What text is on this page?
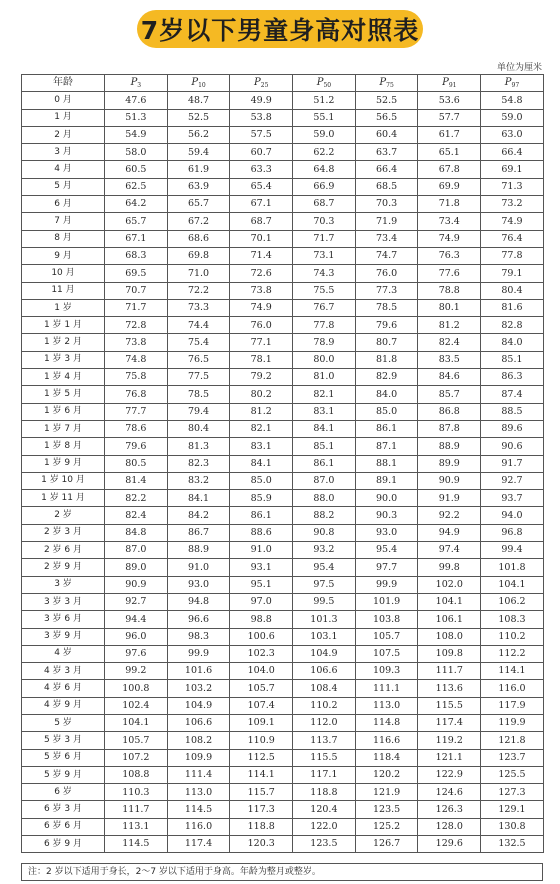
7岁以下男童身高对照表
单位为厘米
年龄	$P_3$	$P_{10}$	$P_{25}$	$P_{50}$	$P_{75}$	$P_{91}$	$P_{97}$
0 月	47.6	48.7	49.9	51.2	52.5	53.6	54.8
1 月	51.3	52.5	53.8	55.1	56.5	57.7	59.0
2 月	54.9	56.2	57.5	59.0	60.4	61.7	63.0
3 月	58.0	59.4	60.7	62.2	63.7	65.1	66.4
4 月	60.5	61.9	63.3	64.8	66.4	67.8	69.1
5 月	62.5	63.9	65.4	66.9	68.5	69.9	71.3
6 月	64.2	65.7	67.1	68.7	70.3	71.8	73.2
7 月	65.7	67.2	68.7	70.3	71.9	73.4	74.9
8 月	67.1	68.6	70.1	71.7	73.4	74.9	76.4
9 月	68.3	69.8	71.4	73.1	74.7	76.3	77.8
10 月	69.5	71.0	72.6	74.3	76.0	77.6	79.1
11 月	70.7	72.2	73.8	75.5	77.3	78.8	80.4
1 岁	71.7	73.3	74.9	76.7	78.5	80.1	81.6
1 岁 1 月	72.8	74.4	76.0	77.8	79.6	81.2	82.8
1 岁 2 月	73.8	75.4	77.1	78.9	80.7	82.4	84.0
1 岁 3 月	74.8	76.5	78.1	80.0	81.8	83.5	85.1
1 岁 4 月	75.8	77.5	79.2	81.0	82.9	84.6	86.3
1 岁 5 月	76.8	78.5	80.2	82.1	84.0	85.7	87.4
1 岁 6 月	77.7	79.4	81.2	83.1	85.0	86.8	88.5
1 岁 7 月	78.6	80.4	82.1	84.1	86.1	87.8	89.6
1 岁 8 月	79.6	81.3	83.1	85.1	87.1	88.9	90.6
1 岁 9 月	80.5	82.3	84.1	86.1	88.1	89.9	91.7
1 岁 10 月	81.4	83.2	85.0	87.0	89.1	90.9	92.7
1 岁 11 月	82.2	84.1	85.9	88.0	90.0	91.9	93.7
2 岁	82.4	84.2	86.1	88.2	90.3	92.2	94.0
2 岁 3 月	84.8	86.7	88.6	90.8	93.0	94.9	96.8
2 岁 6 月	87.0	88.9	91.0	93.2	95.4	97.4	99.4
2 岁 9 月	89.0	91.0	93.1	95.4	97.7	99.8	101.8
3 岁	90.9	93.0	95.1	97.5	99.9	102.0	104.1
3 岁 3 月	92.7	94.8	97.0	99.5	101.9	104.1	106.2
3 岁 6 月	94.4	96.6	98.8	101.3	103.8	106.1	108.3
3 岁 9 月	96.0	98.3	100.6	103.1	105.7	108.0	110.2
4 岁	97.6	99.9	102.3	104.9	107.5	109.8	112.2
4 岁 3 月	99.2	101.6	104.0	106.6	109.3	111.7	114.1
4 岁 6 月	100.8	103.2	105.7	108.4	111.1	113.6	116.0
4 岁 9 月	102.4	104.9	107.4	110.2	113.0	115.5	117.9
5 岁	104.1	106.6	109.1	112.0	114.8	117.4	119.9
5 岁 3 月	105.7	108.2	110.9	113.7	116.6	119.2	121.8
5 岁 6 月	107.2	109.9	112.5	115.5	118.4	121.1	123.7
5 岁 9 月	108.8	111.4	114.1	117.1	120.2	122.9	125.5
6 岁	110.3	113.0	115.7	118.8	121.9	124.6	127.3
6 岁 3 月	111.7	114.5	117.3	120.4	123.5	126.3	129.1
6 岁 6 月	113.1	116.0	118.8	122.0	125.2	128.0	130.8
6 岁 9 月	114.5	117.4	120.3	123.5	126.7	129.6	132.5
注：2 岁以下适用于身长，2～7 岁以下适用于身高。年龄为整月或整岁。
